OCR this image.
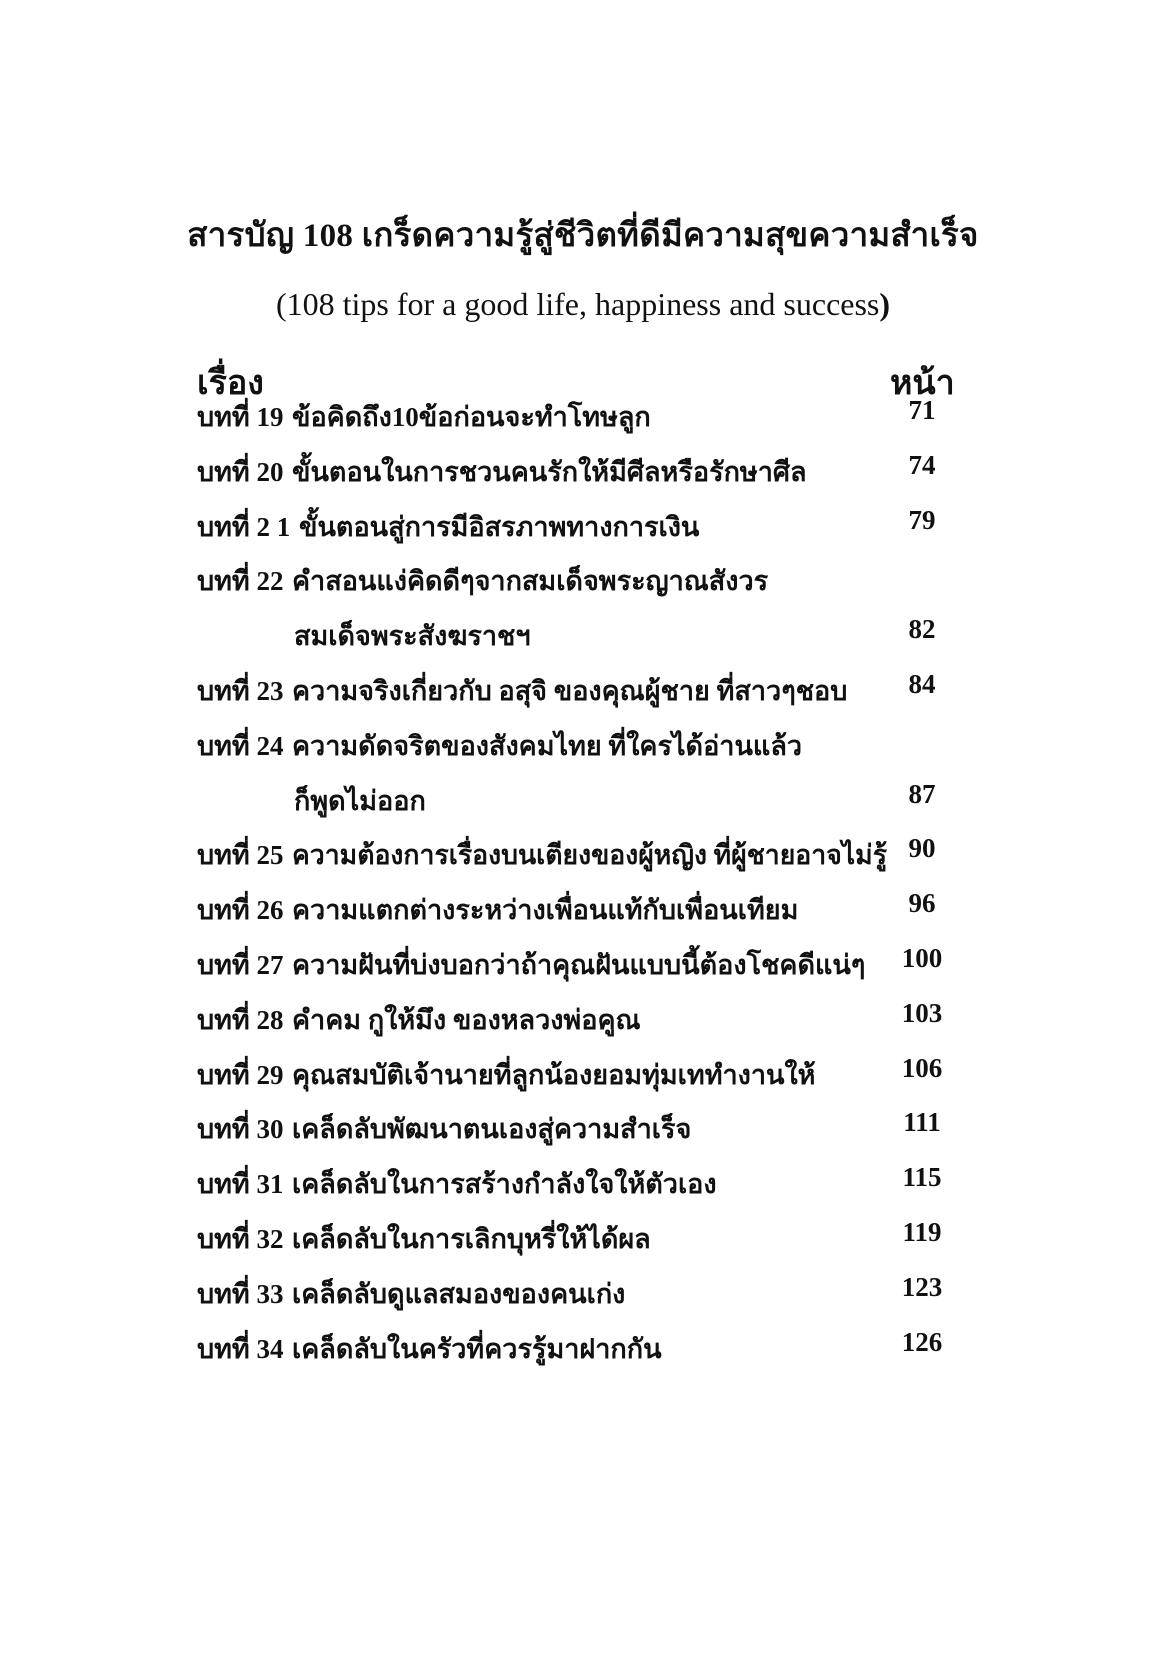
สารบัญ 108 เกร็ดความรู้สู่ชีวิตที่ดีมีความสุขความสำเร็จ
(108 tips for a good life, happiness and success)
เรื่อง	หน้า
บทที่ 19 ข้อคิดถึง10ข้อก่อนจะทำโทษลูก	71
บทที่ 20 ขั้นตอนในการชวนคนรักให้มีศีลหรือรักษาศีล	74
บทที่ 2 1 ขั้นตอนสู่การมีอิสรภาพทางการเงิน	79
บทที่ 22 คำสอนแง่คิดดีๆจากสมเด็จพระญาณสังวร
สมเด็จพระสังฆราชฯ	82
บทที่ 23 ความจริงเกี่ยวกับ อสุจิ ของคุณผู้ชาย ที่สาวๆชอบ	84
บทที่ 24 ความดัดจริตของสังคมไทย ที่ใครได้อ่านแล้ว
ก็พูดไม่ออก	87
บทที่ 25 ความต้องการเรื่องบนเตียงของผู้หญิง ที่ผู้ชายอาจไม่รู้ 90
บทที่ 26 ความแตกต่างระหว่างเพื่อนแท้กับเพื่อนเทียม	96
บทที่ 27 ความฝันที่บ่งบอกว่าถ้าคุณฝันแบบนี้ต้องโชคดีแน่ๆ 100
บทที่ 28 คำคม กูให้มึง ของหลวงพ่อคูณ	103
บทที่ 29 คุณสมบัติเจ้านายที่ลูกน้องยอมทุ่มเททำงานให้	106
บทที่ 30 เคล็ดลับพัฒนาตนเองสู่ความสำเร็จ	111
บทที่ 31 เคล็ดลับในการสร้างกำลังใจให้ตัวเอง	115
บทที่ 32 เคล็ดลับในการเลิกบุหรี่ให้ได้ผล	119
บทที่ 33 เคล็ดลับดูแลสมองของคนเก่ง	123
บทที่ 34 เคล็ดลับในครัวที่ควรรู้มาฝากกัน	126
